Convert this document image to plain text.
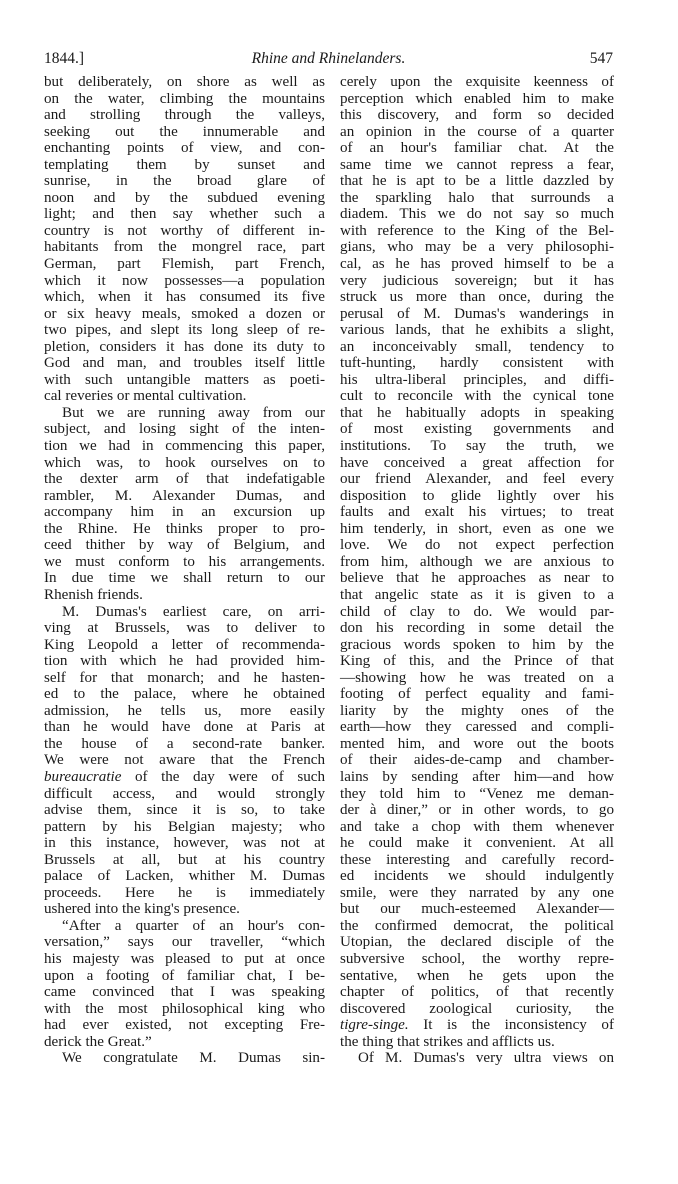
1844.]	Rhine and Rhinelanders.	547
but deliberately, on shore as well as
on the water, climbing the mountains
and strolling through the valleys,
seeking out the innumerable and
enchanting points of view, and con-
templating them by sunset and
sunrise, in the broad glare of
noon and by the subdued evening
light; and then say whether such a
country is not worthy of different in-
habitants from the mongrel race, part
German, part Flemish, part French,
which it now possesses—a population
which, when it has consumed its five
or six heavy meals, smoked a dozen or
two pipes, and slept its long sleep of re-
pletion, considers it has done its duty to
God and man, and troubles itself little
with such untangible matters as poeti-
cal reveries or mental cultivation.
But we are running away from our
subject, and losing sight of the inten-
tion we had in commencing this paper,
which was, to hook ourselves on to
the dexter arm of that indefatigable
rambler, M. Alexander Dumas, and
accompany him in an excursion up
the Rhine. He thinks proper to pro-
ceed thither by way of Belgium, and
we must conform to his arrangements.
In due time we shall return to our
Rhenish friends.
M. Dumas's earliest care, on arri-
ving at Brussels, was to deliver to
King Leopold a letter of recommenda-
tion with which he had provided him-
self for that monarch; and he hasten-
ed to the palace, where he obtained
admission, he tells us, more easily
than he would have done at Paris at
the house of a second-rate banker.
We were not aware that the French
bureaucratie of the day were of such
difficult access, and would strongly
advise them, since it is so, to take
pattern by his Belgian majesty; who
in this instance, however, was not at
Brussels at all, but at his country
palace of Lacken, whither M. Dumas
proceeds. Here he is immediately
ushered into the king's presence.
“After a quarter of an hour's con-
versation,” says our traveller, “which
his majesty was pleased to put at once
upon a footing of familiar chat, I be-
came convinced that I was speaking
with the most philosophical king who
had ever existed, not excepting Fre-
derick the Great.”
We congratulate M. Dumas sin-
cerely upon the exquisite keenness of
perception which enabled him to make
this discovery, and form so decided
an opinion in the course of a quarter
of an hour's familiar chat. At the
same time we cannot repress a fear,
that he is apt to be a little dazzled by
the sparkling halo that surrounds a
diadem. This we do not say so much
with reference to the King of the Bel-
gians, who may be a very philosophi-
cal, as he has proved himself to be a
very judicious sovereign; but it has
struck us more than once, during the
perusal of M. Dumas's wanderings in
various lands, that he exhibits a slight,
an inconceivably small, tendency to
tuft-hunting, hardly consistent with
his ultra-liberal principles, and diffi-
cult to reconcile with the cynical tone
that he habitually adopts in speaking
of most existing governments and
institutions. To say the truth, we
have conceived a great affection for
our friend Alexander, and feel every
disposition to glide lightly over his
faults and exalt his virtues; to treat
him tenderly, in short, even as one we
love. We do not expect perfection
from him, although we are anxious to
believe that he approaches as near to
that angelic state as it is given to a
child of clay to do. We would par-
don his recording in some detail the
gracious words spoken to him by the
King of this, and the Prince of that
—showing how he was treated on a
footing of perfect equality and fami-
liarity by the mighty ones of the
earth—how they caressed and compli-
mented him, and wore out the boots
of their aides-de-camp and chamber-
lains by sending after him—and how
they told him to “Venez me deman-
der à diner,” or in other words, to go
and take a chop with them whenever
he could make it convenient. At all
these interesting and carefully record-
ed incidents we should indulgently
smile, were they narrated by any one
but our much-esteemed Alexander—
the confirmed democrat, the political
Utopian, the declared disciple of the
subversive school, the worthy repre-
sentative, when he gets upon the
chapter of politics, of that recently
discovered zoological curiosity, the
tigre-singe. It is the inconsistency of
the thing that strikes and afflicts us.
Of M. Dumas's very ultra views on
